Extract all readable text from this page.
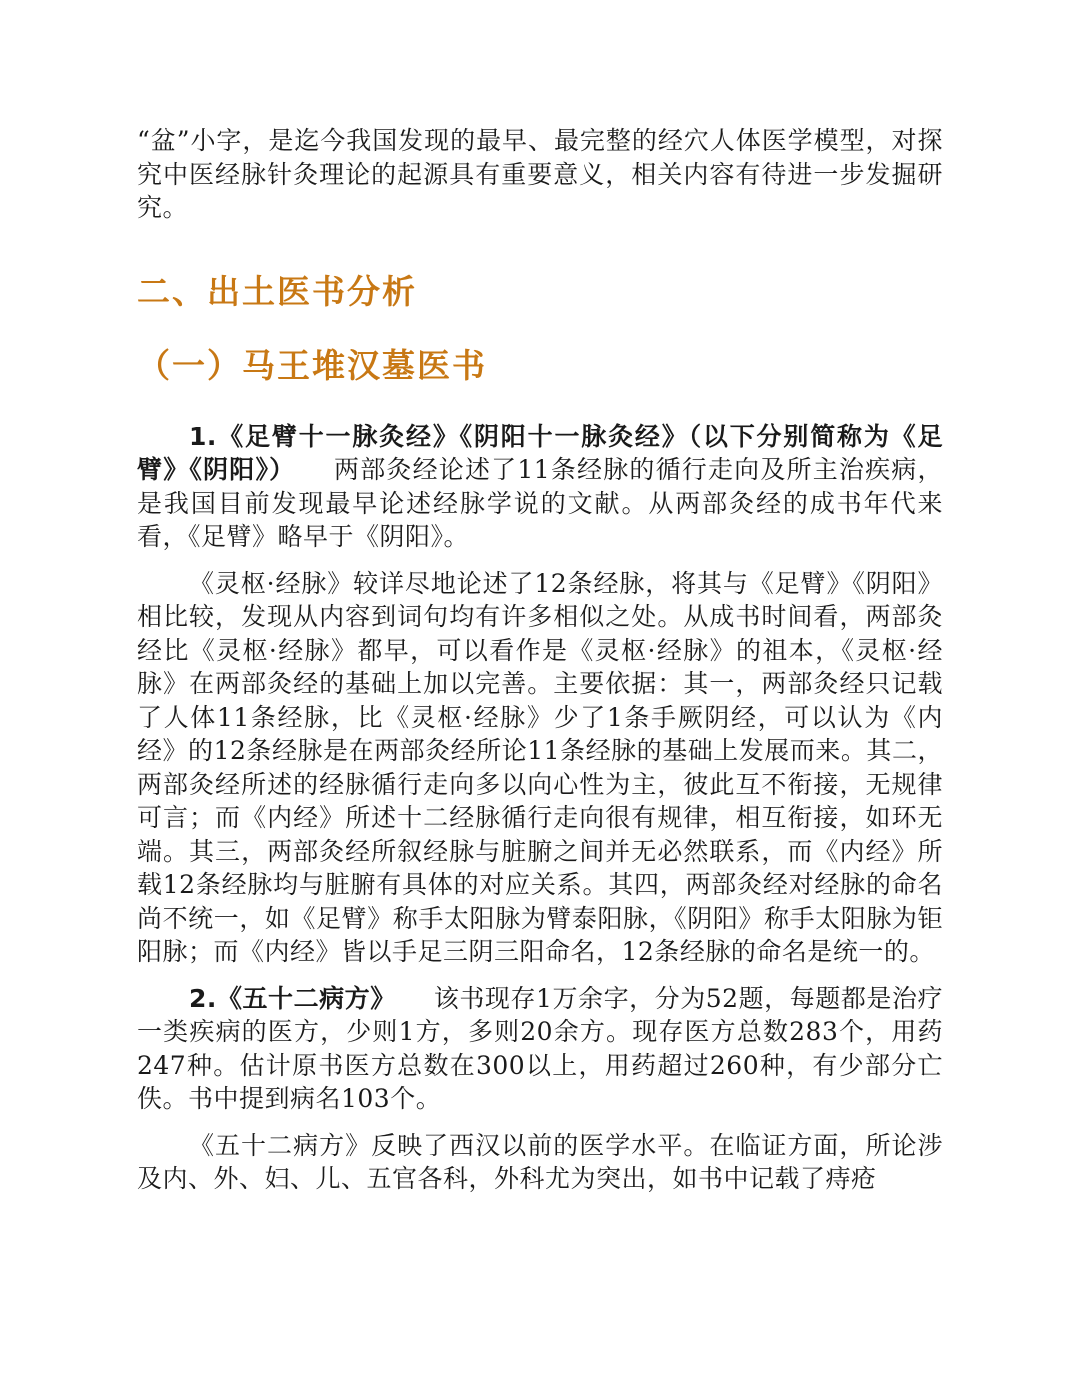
“盆”小字，是迄今我国发现的最早、最完整的经穴人体医学模型，对探究中医经脉针灸理论的起源具有重要意义，相关内容有待进一步发掘研究。

二、出土医书分析
（一）马王堆汉墓医书

1.《足臂十一脉灸经》《阴阳十一脉灸经》（以下分别简称为《足臂》《阴阳》） 两部灸经论述了11条经脉的循行走向及所主治疾病，是我国目前发现最早论述经脉学说的文献。从两部灸经的成书年代来看，《足臂》略早于《阴阳》。

《灵枢·经脉》较详尽地论述了12条经脉，将其与《足臂》《阴阳》相比较，发现从内容到词句均有许多相似之处。从成书时间看，两部灸经比《灵枢·经脉》都早，可以看作是《灵枢·经脉》的祖本，《灵枢·经脉》在两部灸经的基础上加以完善。主要依据：其一，两部灸经只记载了人体11条经脉，比《灵枢·经脉》少了1条手厥阴经，可以认为《内经》的12条经脉是在两部灸经所论11条经脉的基础上发展而来。其二，两部灸经所述的经脉循行走向多以向心性为主，彼此互不衔接，无规律可言；而《内经》所述十二经脉循行走向很有规律，相互衔接，如环无端。其三，两部灸经所叙经脉与脏腑之间并无必然联系，而《内经》所载12条经脉均与脏腑有具体的对应关系。其四，两部灸经对经脉的命名尚不统一，如《足臂》称手太阳脉为臂泰阳脉，《阴阳》称手太阳脉为钜阳脉；而《内经》皆以手足三阴三阳命名，12条经脉的命名是统一的。

2.《五十二病方》 该书现存1万余字，分为52题，每题都是治疗一类疾病的医方，少则1方，多则20余方。现存医方总数283个，用药247种。估计原书医方总数在300以上，用药超过260种，有少部分亡佚。书中提到病名103个。

《五十二病方》反映了西汉以前的医学水平。在临证方面，所论涉及内、外、妇、儿、五官各科，外科尤为突出，如书中记载了痔疮
